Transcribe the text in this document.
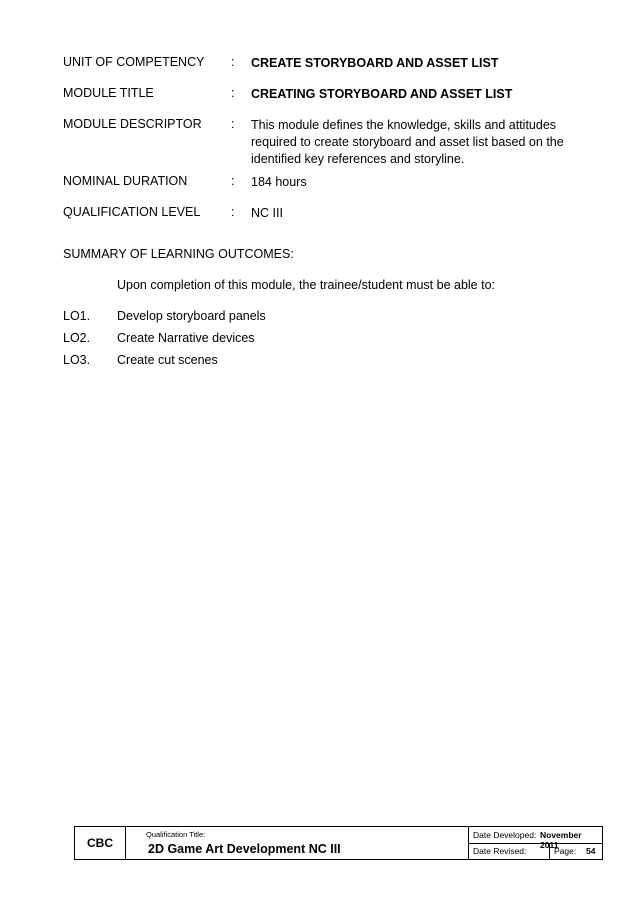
UNIT OF COMPETENCY : CREATE STORYBOARD AND ASSET LIST
MODULE TITLE	: CREATING STORYBOARD AND ASSET LIST
MODULE DESCRIPTOR : This module defines the knowledge, skills and attitudes required to create storyboard and asset list based on the identified key references and storyline.
NOMINAL DURATION	: 184 hours
QUALIFICATION LEVEL : NC III
SUMMARY OF LEARNING OUTCOMES:
Upon completion of this module, the trainee/student must be able to:
LO1. Develop storyboard panels
LO2. Create Narrative devices
LO3. Create cut scenes
CBC
Qualification Title:
2D Game Art Development NC III
Date Developed: November 2011
Date Revised:	Page: 54
